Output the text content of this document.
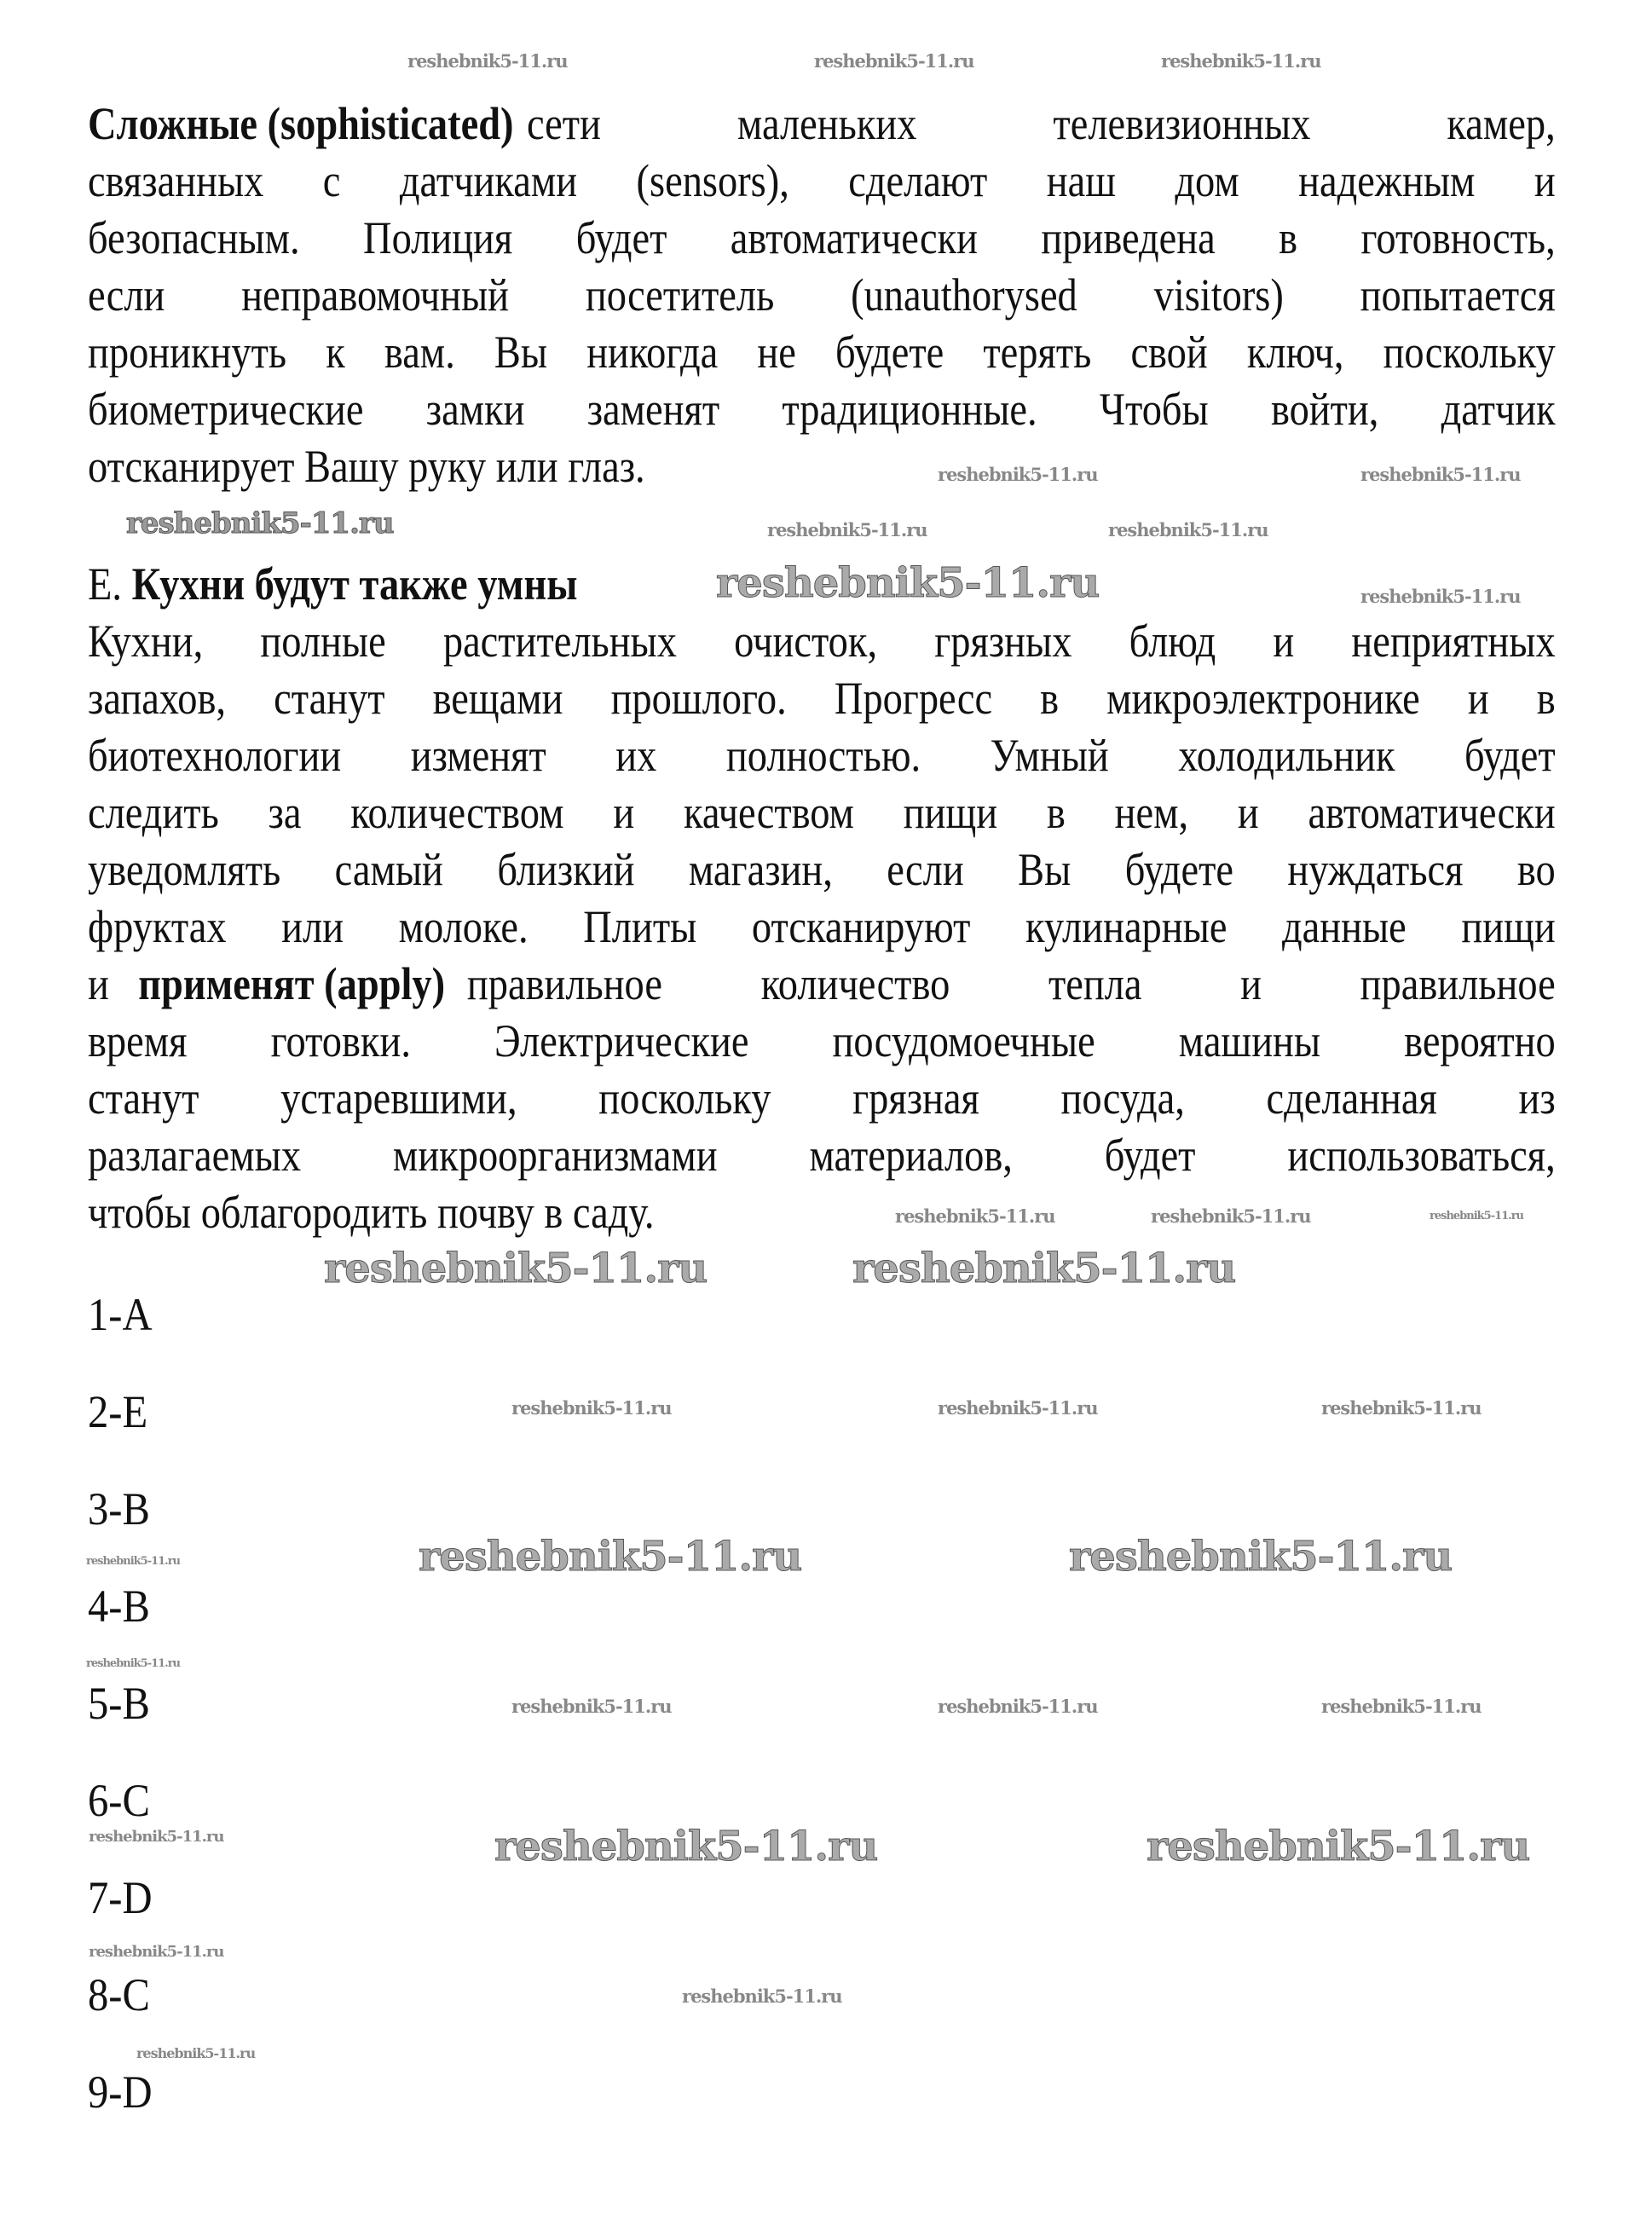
Сложные (sophisticated) сети маленьких телевизионных камер,
связанных с датчиками (sensors), сделают наш дом надежным и
безопасным. Полиция будет автоматически приведена в готовность,
если неправомочный посетитель (unauthorysed visitors) попытается
проникнуть к вам. Вы никогда не будете терять свой ключ, поскольку
биометрические замки заменят традиционные. Чтобы войти, датчик
отсканирует Вашу руку или глаз.
E. Кухни будут также умны
Кухни, полные растительных очисток, грязных блюд и неприятных
запахов, станут вещами прошлого. Прогресс в микроэлектронике и в
биотехнологии изменят их полностью. Умный холодильник будет
следить за количеством и качеством пищи в нем, и автоматически
уведомлять самый близкий магазин, если Вы будете нуждаться во
фруктах или молоке. Плиты отсканируют кулинарные данные пищи
и применят (apply) правильное количество тепла и правильное
время готовки. Электрические посудомоечные машины вероятно
станут устаревшими, поскольку грязная посуда, сделанная из
разлагаемых микроорганизмами материалов, будет использоваться,
чтобы облагородить почву в саду.
1-A
2-E
3-B
4-B
5-B
6-C
7-D
8-C
9-D
reshebnik5-11.ru	reshebnik5-11.ru	reshebnik5-11.ru
reshebnik5-11.ru	reshebnik5-11.ru
reshebnik5-11.ru	reshebnik5-11.ru	reshebnik5-11.ru
reshebnik5-11.ru	reshebnik5-11.ru
reshebnik5-11.ru	reshebnik5-11.ru	reshebnik5-11.ru
reshebnik5-11.ru	reshebnik5-11.ru
reshebnik5-11.ru	reshebnik5-11.ru	reshebnik5-11.ru
reshebnik5-11.ru	reshebnik5-11.ru
reshebnik5-11.ru
reshebnik5-11.ru
reshebnik5-11.ru	reshebnik5-11.ru	reshebnik5-11.ru
reshebnik5-11.ru	reshebnik5-11.ru	reshebnik5-11.ru
reshebnik5-11.ru
reshebnik5-11.ru
reshebnik5-11.ru
